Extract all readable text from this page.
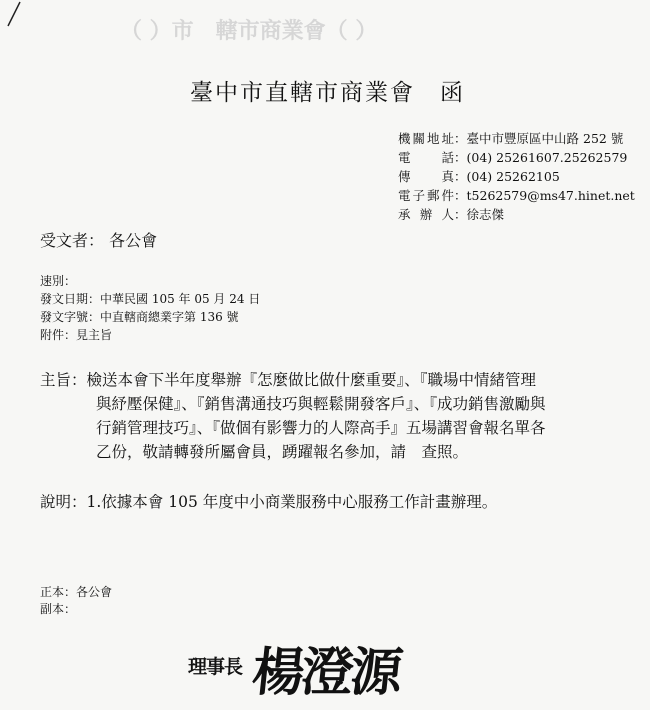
（ ）市　轄市商業會（ ）

臺中市直轄市商業會　函
機關地址：臺中市豐原區中山路 252 號
電　　話：(04) 25261607.25262579
傳　　真：(04) 25262105
電子郵件：t5262579@ms47.hinet.net
承 辦 人：徐志傑
受文者： 各公會
速別：
發文日期：中華民國 105 年 05 月 24 日
發文字號：中直轄商總業字第 136 號
附件：見主旨
主旨：檢送本會下半年度舉辦『怎麼做比做什麼重要』、『職場中情緒管理
與紓壓保健』、『銷售溝通技巧與輕鬆開發客戶』、『成功銷售激勵與
行銷管理技巧』、『做個有影響力的人際高手』五場講習會報名單各
乙份，敬請轉發所屬會員，踴躍報名參加，請　查照。
說明：1.依據本會 105 年度中小商業服務中心服務工作計畫辦理。
正本：各公會
副本：
理事長 楊澄源
